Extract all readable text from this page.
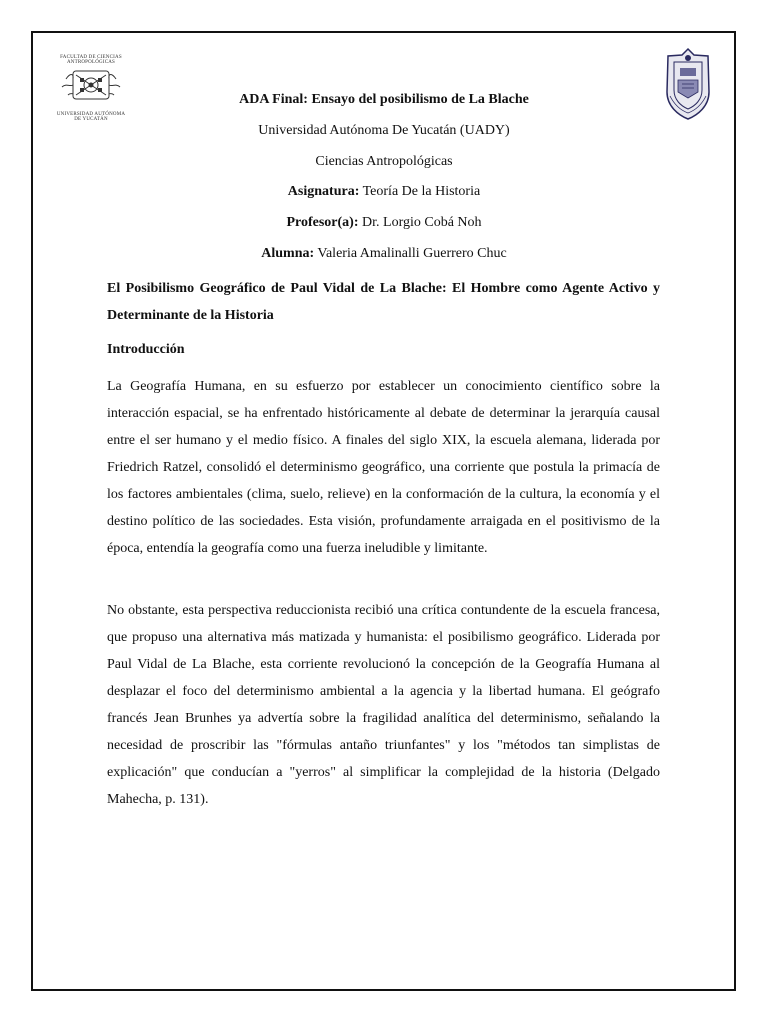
FACULTAD DE CIENCIAS ANTROPOLÓGICAS
UNIVERSIDAD AUTÓNOMA DE YUCATÁN
ADA Final: Ensayo del posibilismo de La Blache
Universidad Autónoma De Yucatán (UADY)
Ciencias Antropológicas
Asignatura: Teoría De la Historia
Profesor(a): Dr. Lorgio Cobá Noh
Alumna: Valeria Amalinalli Guerrero Chuc
El Posibilismo Geográfico de Paul Vidal de La Blache: El Hombre como Agente Activo y Determinante de la Historia
Introducción

La Geografía Humana, en su esfuerzo por establecer un conocimiento científico sobre la interacción espacial, se ha enfrentado históricamente al debate de determinar la jerarquía causal entre el ser humano y el medio físico. A finales del siglo XIX, la escuela alemana, liderada por Friedrich Ratzel, consolidó el determinismo geográfico, una corriente que postula la primacía de los factores ambientales (clima, suelo, relieve) en la conformación de la cultura, la economía y el destino político de las sociedades. Esta visión, profundamente arraigada en el positivismo de la época, entendía la geografía como una fuerza ineludible y limitante.

No obstante, esta perspectiva reduccionista recibió una crítica contundente de la escuela francesa, que propuso una alternativa más matizada y humanista: el posibilismo geográfico. Liderada por Paul Vidal de La Blache, esta corriente revolucionó la concepción de la Geografía Humana al desplazar el foco del determinismo ambiental a la agencia y la libertad humana. El geógrafo francés Jean Brunhes ya advertía sobre la fragilidad analítica del determinismo, señalando la necesidad de proscribir las "fórmulas antaño triunfantes" y los "métodos tan simplistas de explicación" que conducían a "yerros" al simplificar la complejidad de la historia (Delgado Mahecha, p. 131).
